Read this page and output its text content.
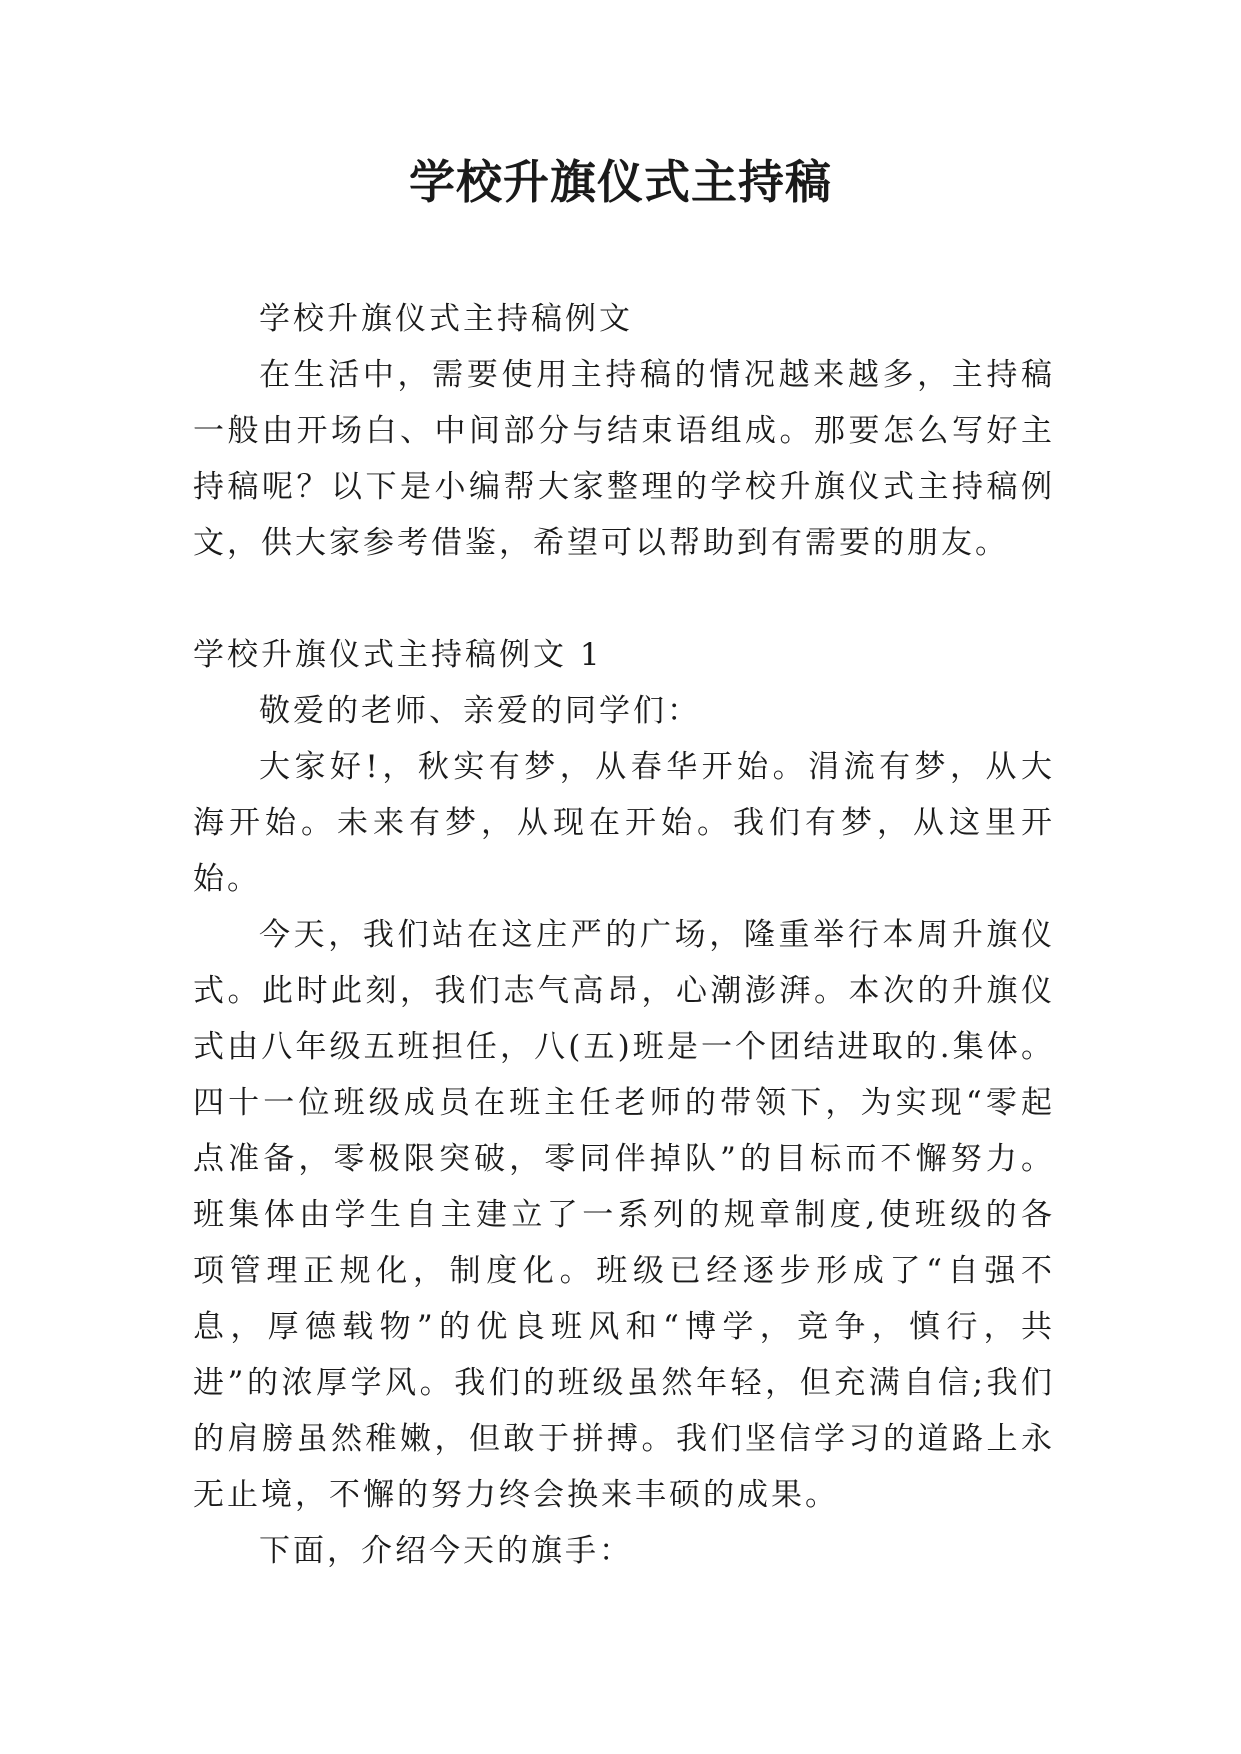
学校升旗仪式主持稿

学校升旗仪式主持稿例文

在生活中，需要使用主持稿的情况越来越多，主持稿一般由开场白、中间部分与结束语组成。那要怎么写好主持稿呢？以下是小编帮大家整理的学校升旗仪式主持稿例文，供大家参考借鉴，希望可以帮助到有需要的朋友。

学校升旗仪式主持稿例文 1

敬爱的老师、亲爱的同学们：

大家好!，秋实有梦，从春华开始。涓流有梦，从大海开始。未来有梦，从现在开始。我们有梦，从这里开始。

今天，我们站在这庄严的广场，隆重举行本周升旗仪式。此时此刻，我们志气高昂，心潮澎湃。本次的升旗仪式由八年级五班担任，八(五)班是一个团结进取的.集体。四十一位班级成员在班主任老师的带领下，为实现“零起点准备，零极限突破，零同伴掉队”的目标而不懈努力。班集体由学生自主建立了一系列的规章制度,使班级的各项管理正规化，制度化。班级已经逐步形成了“自强不息，厚德载物”的优良班风和“博学，竞争，慎行，共进”的浓厚学风。我们的班级虽然年轻，但充满自信;我们的肩膀虽然稚嫩，但敢于拼搏。我们坚信学习的道路上永无止境，不懈的努力终会换来丰硕的成果。

下面，介绍今天的旗手：
